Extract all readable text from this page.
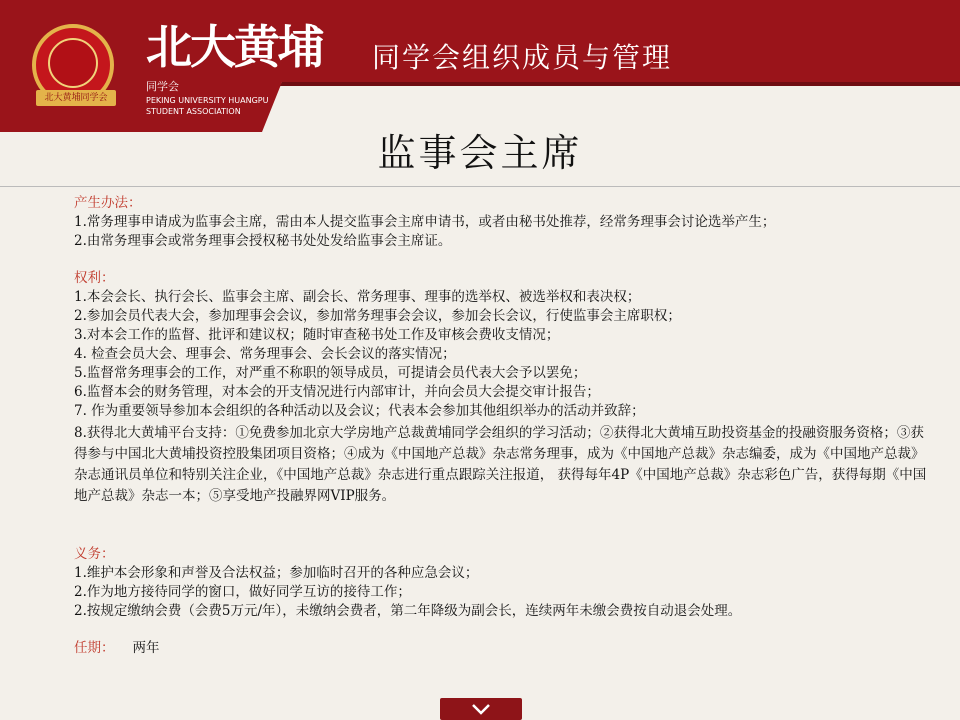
北大黄埔同学会
北大黄埔
同学会
PEKING UNIVERSITY HUANGPU
STUDENT ASSOCIATION
同学会组织成员与管理
监事会主席

产生办法：

1.常务理事申请成为监事会主席，需由本人提交监事会主席申请书，或者由秘书处推荐，经常务理事会讨论选举产生；

2.由常务理事会或常务理事会授权秘书处处发给监事会主席证。

权利：

1.本会会长、执行会长、监事会主席、副会长、常务理事、理事的选举权、被选举权和表决权；

2.参加会员代表大会，参加理事会会议，参加常务理事会会议，参加会长会议，行使监事会主席职权；

3.对本会工作的监督、批评和建议权；随时审查秘书处工作及审核会费收支情况；

4. 检查会员大会、理事会、常务理事会、会长会议的落实情况；

5.监督常务理事会的工作，对严重不称职的领导成员，可提请会员代表大会予以罢免；

6.监督本会的财务管理，对本会的开支情况进行内部审计，并向会员大会提交审计报告；

7. 作为重要领导参加本会组织的各种活动以及会议；代表本会参加其他组织举办的活动并致辞；

8.获得北大黄埔平台支持：①免费参加北京大学房地产总裁黄埔同学会组织的学习活动；②获得北大黄埔互助投资基金的投融资服务资格；③获得参与中国北大黄埔投资控股集团项目资格；④成为《中国地产总裁》杂志常务理事，成为《中国地产总裁》杂志编委，成为《中国地产总裁》杂志通讯员单位和特别关注企业，《中国地产总裁》杂志进行重点跟踪关注报道， 获得每年4P《中国地产总裁》杂志彩色广告，获得每期《中国地产总裁》杂志一本；⑤享受地产投融界网VIP服务。

义务：

1.维护本会形象和声誉及合法权益；参加临时召开的各种应急会议；

2.作为地方接待同学的窗口，做好同学互访的接待工作；

2.按规定缴纳会费（会费5万元/年），未缴纳会费者，第二年降级为副会长，连续两年未缴会费按自动退会处理。

任期： 两年
